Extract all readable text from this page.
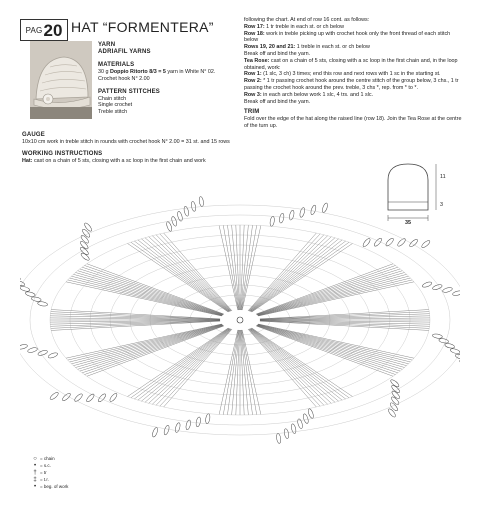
PAG 20 HAT “FORMENTERA”
YARN
ADRIAFIL YARNS
MATERIALS
30 g Doppio Ritorto 8/3 = 5 yarn in White N° 02.
Crochet hook N° 2.00
PATTERN STITCHES
Chain stitch
Single crochet
Treble stitch
GAUGE
10x10 cm work in treble stitch in rounds with crochet hook N° 2.00 = 31 st. and 15 rows
WORKING INSTRUCTIONS
Hat: cast on a chain of 5 sts, closing with a sc loop in the first chain and work
following the chart. At end of row 16 cont. as follows:
Row 17: 1 tr treble in each st. or ch below
Row 18: work in treble picking up with crochet hook only the front thread of each stitch below
Rows 19, 20 and 21: 1 treble in each st. or ch below
Break off and bind the yarn.
Tea Rose: cast on a chain of 5 sts, closing with a sc loop in the first chain and, in the loop obtained, work:
Row 1: (1 slc, 3 ch) 3 times; end this row and next rows with 1 sc in the starting st.
Row 2: * 1 tr passing crochet hook around the centre stitch of the group below, 3 chs., 1 tr passing the crochet hook around the prev. treble, 3 chs *, rep. from * to *.
Row 3: in each arch below work 1 slc, 4 trs. and 1 slc.
Break off and bind the yarn.
TRIM
Fold over the edge of the hat along the raised line (row 18). Join the Tea Rose at the centre of the turn up.
11
3
35
○ = chain
• = s.c.
† = tr
‡ = t.r.
• = beg. of work
